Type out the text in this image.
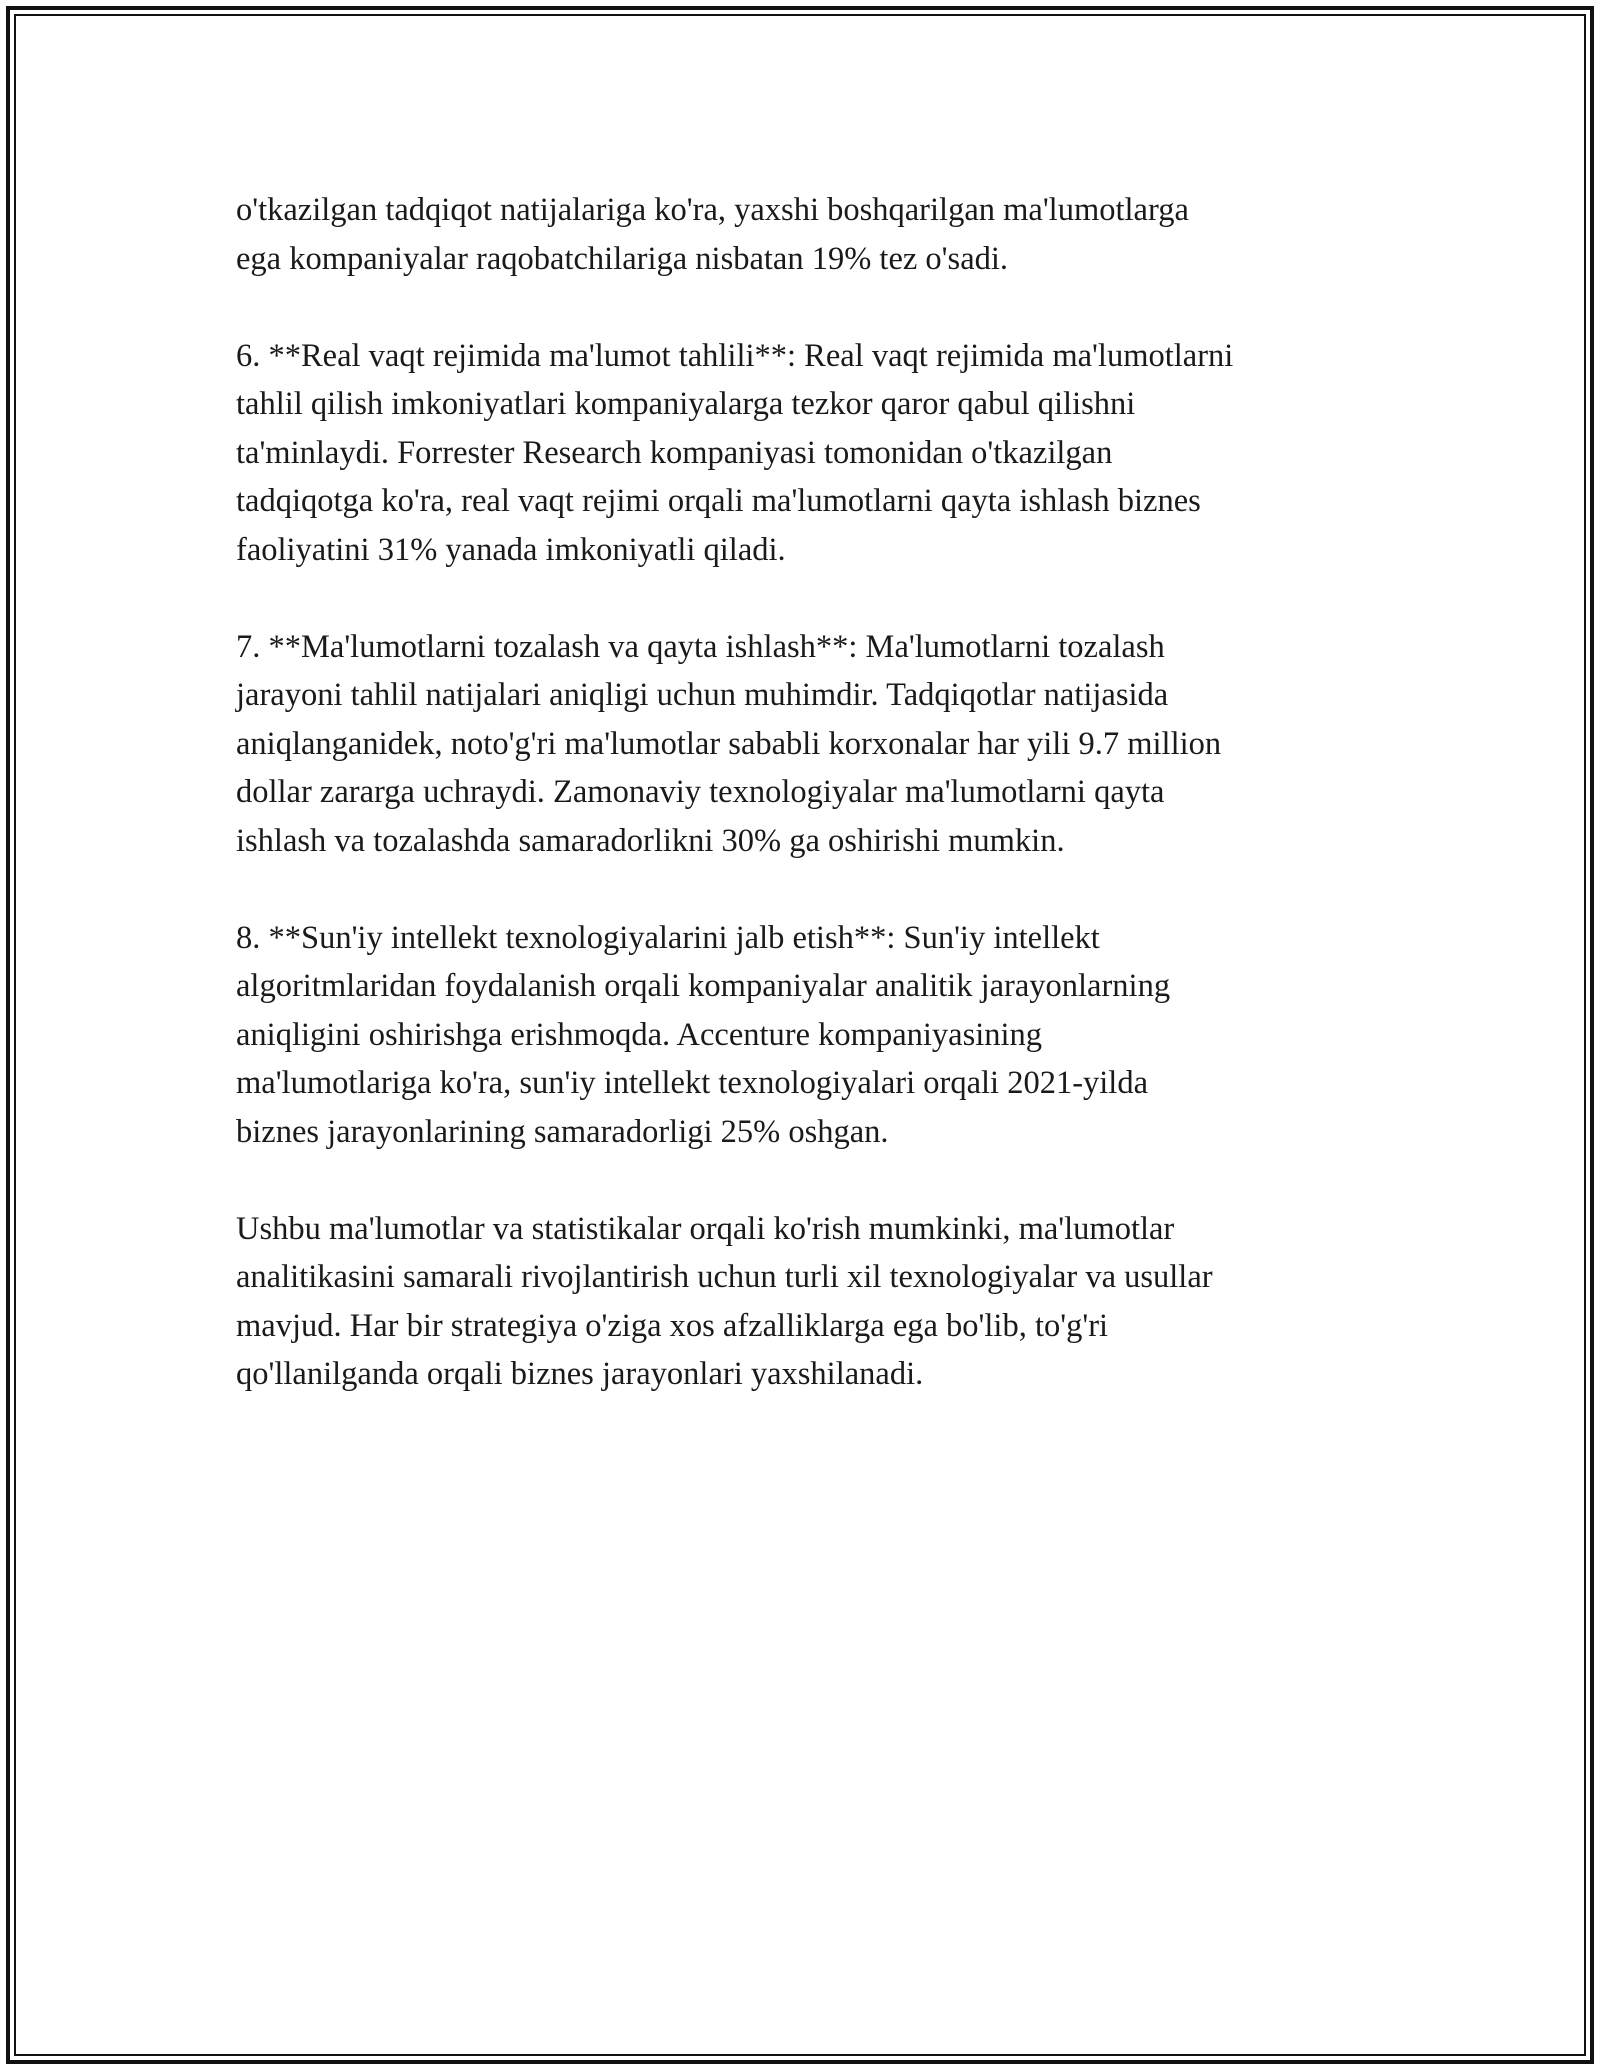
o'tkazilgan tadqiqot natijalariga ko'ra, yaxshi boshqarilgan ma'lumotlarga
ega kompaniyalar raqobatchilariga nisbatan 19% tez o'sadi.

6. **Real vaqt rejimida ma'lumot tahlili**: Real vaqt rejimida ma'lumotlarni
tahlil qilish imkoniyatlari kompaniyalarga tezkor qaror qabul qilishni
ta'minlaydi. Forrester Research kompaniyasi tomonidan o'tkazilgan
tadqiqotga ko'ra, real vaqt rejimi orqali ma'lumotlarni qayta ishlash biznes
faoliyatini 31% yanada imkoniyatli qiladi.

7. **Ma'lumotlarni tozalash va qayta ishlash**: Ma'lumotlarni tozalash
jarayoni tahlil natijalari aniqligi uchun muhimdir. Tadqiqotlar natijasida
aniqlanganidek, noto'g'ri ma'lumotlar sababli korxonalar har yili 9.7 million
dollar zararga uchraydi. Zamonaviy texnologiyalar ma'lumotlarni qayta
ishlash va tozalashda samaradorlikni 30% ga oshirishi mumkin.

8. **Sun'iy intellekt texnologiyalarini jalb etish**: Sun'iy intellekt
algoritmlaridan foydalanish orqali kompaniyalar analitik jarayonlarning
aniqligini oshirishga erishmoqda. Accenture kompaniyasining
ma'lumotlariga ko'ra, sun'iy intellekt texnologiyalari orqali 2021-yilda
biznes jarayonlarining samaradorligi 25% oshgan.

Ushbu ma'lumotlar va statistikalar orqali ko'rish mumkinki, ma'lumotlar
analitikasini samarali rivojlantirish uchun turli xil texnologiyalar va usullar
mavjud. Har bir strategiya o'ziga xos afzalliklarga ega bo'lib, to'g'ri
qo'llanilganda orqali biznes jarayonlari yaxshilanadi.
